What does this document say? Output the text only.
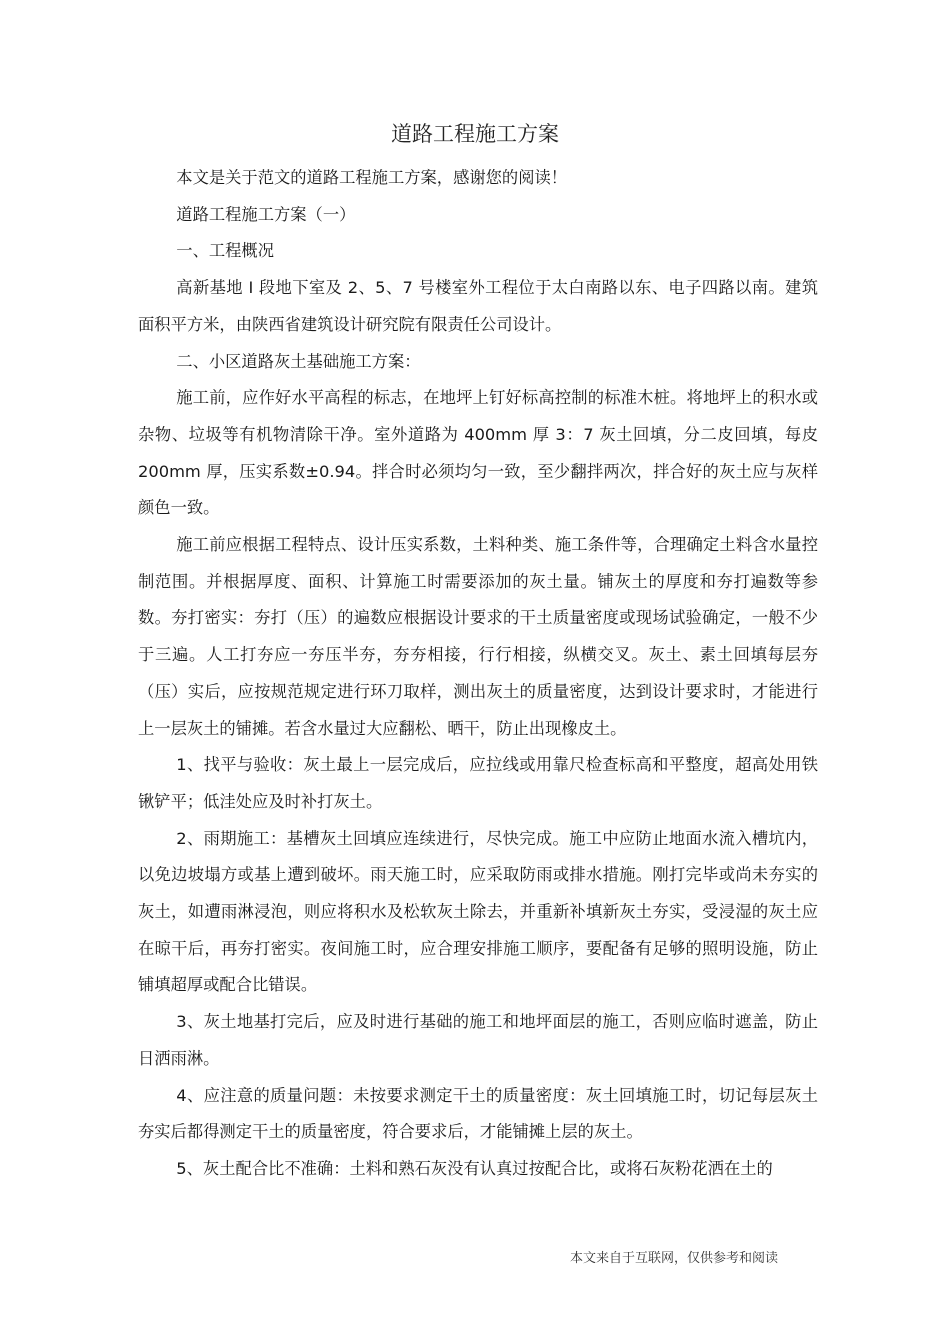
道路工程施工方案

本文是关于范文的道路工程施工方案，感谢您的阅读！

道路工程施工方案（一）

一、工程概况

高新基地 I 段地下室及 2、5、7 号楼室外工程位于太白南路以东、电子四路以南。建筑面积平方米，由陕西省建筑设计研究院有限责任公司设计。

二、小区道路灰土基础施工方案：

施工前，应作好水平高程的标志，在地坪上钉好标高控制的标准木桩。将地坪上的积水或杂物、垃圾等有机物清除干净。室外道路为 400mm 厚 3：7 灰土回填，分二皮回填，每皮 200mm 厚，压实系数±0.94。拌合时必须均匀一致，至少翻拌两次，拌合好的灰土应与灰样颜色一致。

施工前应根据工程特点、设计压实系数，土料种类、施工条件等，合理确定土料含水量控制范围。并根据厚度、面积、计算施工时需要添加的灰土量。铺灰土的厚度和夯打遍数等参数。夯打密实：夯打（压）的遍数应根据设计要求的干土质量密度或现场试验确定，一般不少于三遍。人工打夯应一夯压半夯，夯夯相接，行行相接，纵横交叉。灰土、素土回填每层夯（压）实后，应按规范规定进行环刀取样，测出灰土的质量密度，达到设计要求时，才能进行上一层灰土的铺摊。若含水量过大应翻松、晒干，防止出现橡皮土。

1、找平与验收：灰土最上一层完成后，应拉线或用靠尺检查标高和平整度，超高处用铁锹铲平；低洼处应及时补打灰土。

2、雨期施工：基槽灰土回填应连续进行，尽快完成。施工中应防止地面水流入槽坑内，以免边坡塌方或基上遭到破坏。雨天施工时，应采取防雨或排水措施。刚打完毕或尚未夯实的灰土，如遭雨淋浸泡，则应将积水及松软灰土除去，并重新补填新灰土夯实，受浸湿的灰土应在晾干后，再夯打密实。夜间施工时，应合理安排施工顺序，要配备有足够的照明设施，防止铺填超厚或配合比错误。

3、灰土地基打完后，应及时进行基础的施工和地坪面层的施工，否则应临时遮盖，防止日洒雨淋。

4、应注意的质量问题：未按要求测定干土的质量密度：灰土回填施工时，切记每层灰土夯实后都得测定干土的质量密度，符合要求后，才能铺摊上层的灰土。

5、灰土配合比不准确：土料和熟石灰没有认真过按配合比，或将石灰粉花洒在土的

本文来自于互联网，仅供参考和阅读
